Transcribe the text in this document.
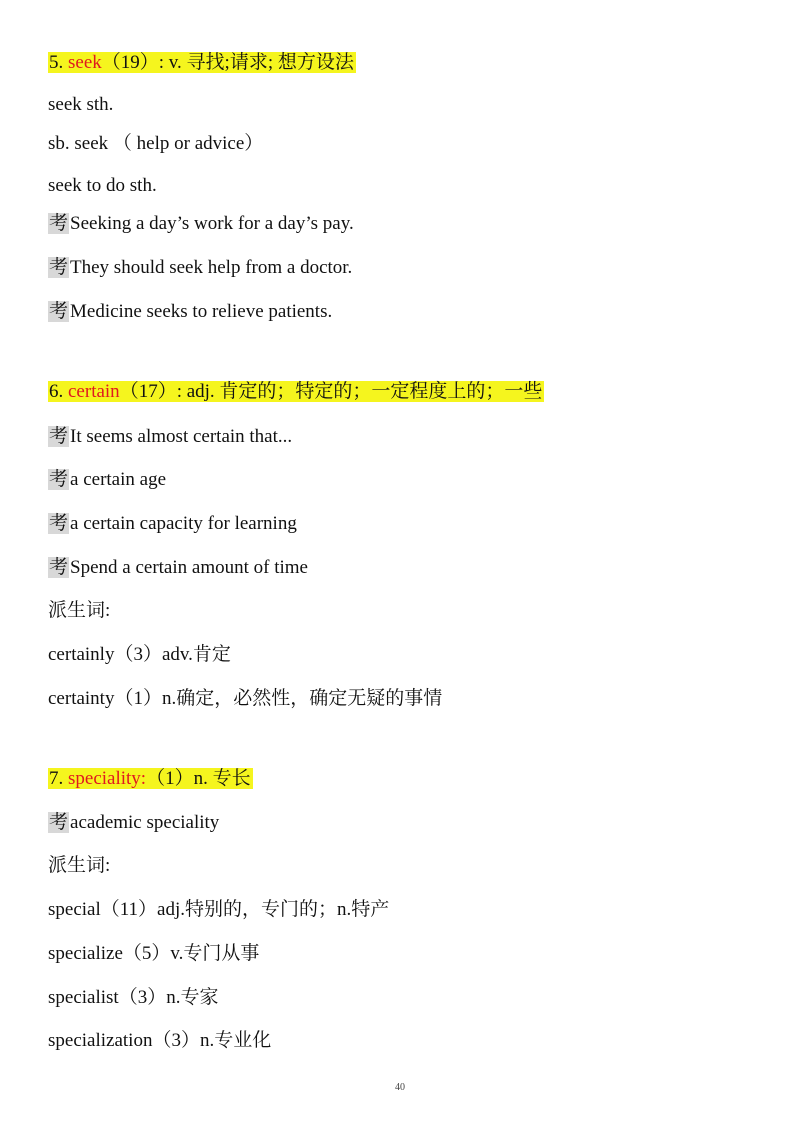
5. seek（19）: v. 寻找;请求; 想方设法
seek sth.
sb. seek （ help or advice）
seek to do sth.
考 Seeking a day’s work for a day’s pay.
考 They should seek help from a doctor.
考 Medicine seeks to relieve patients.
6. certain（17）: adj. 肯定的；特定的；一定程度上的；一些
考 It seems almost certain that...
考 a certain age
考 a certain capacity for learning
考 Spend a certain amount of time
派生词:
certainly（3）adv.肯定
certainty（1）n.确定，必然性，确定无疑的事情
7. speciality:（1）n. 专长
考 academic speciality
派生词:
special（11）adj.特别的，专门的；n.特产
specialize（5）v.专门从事
specialist（3）n.专家
specialization（3）n.专业化
40
